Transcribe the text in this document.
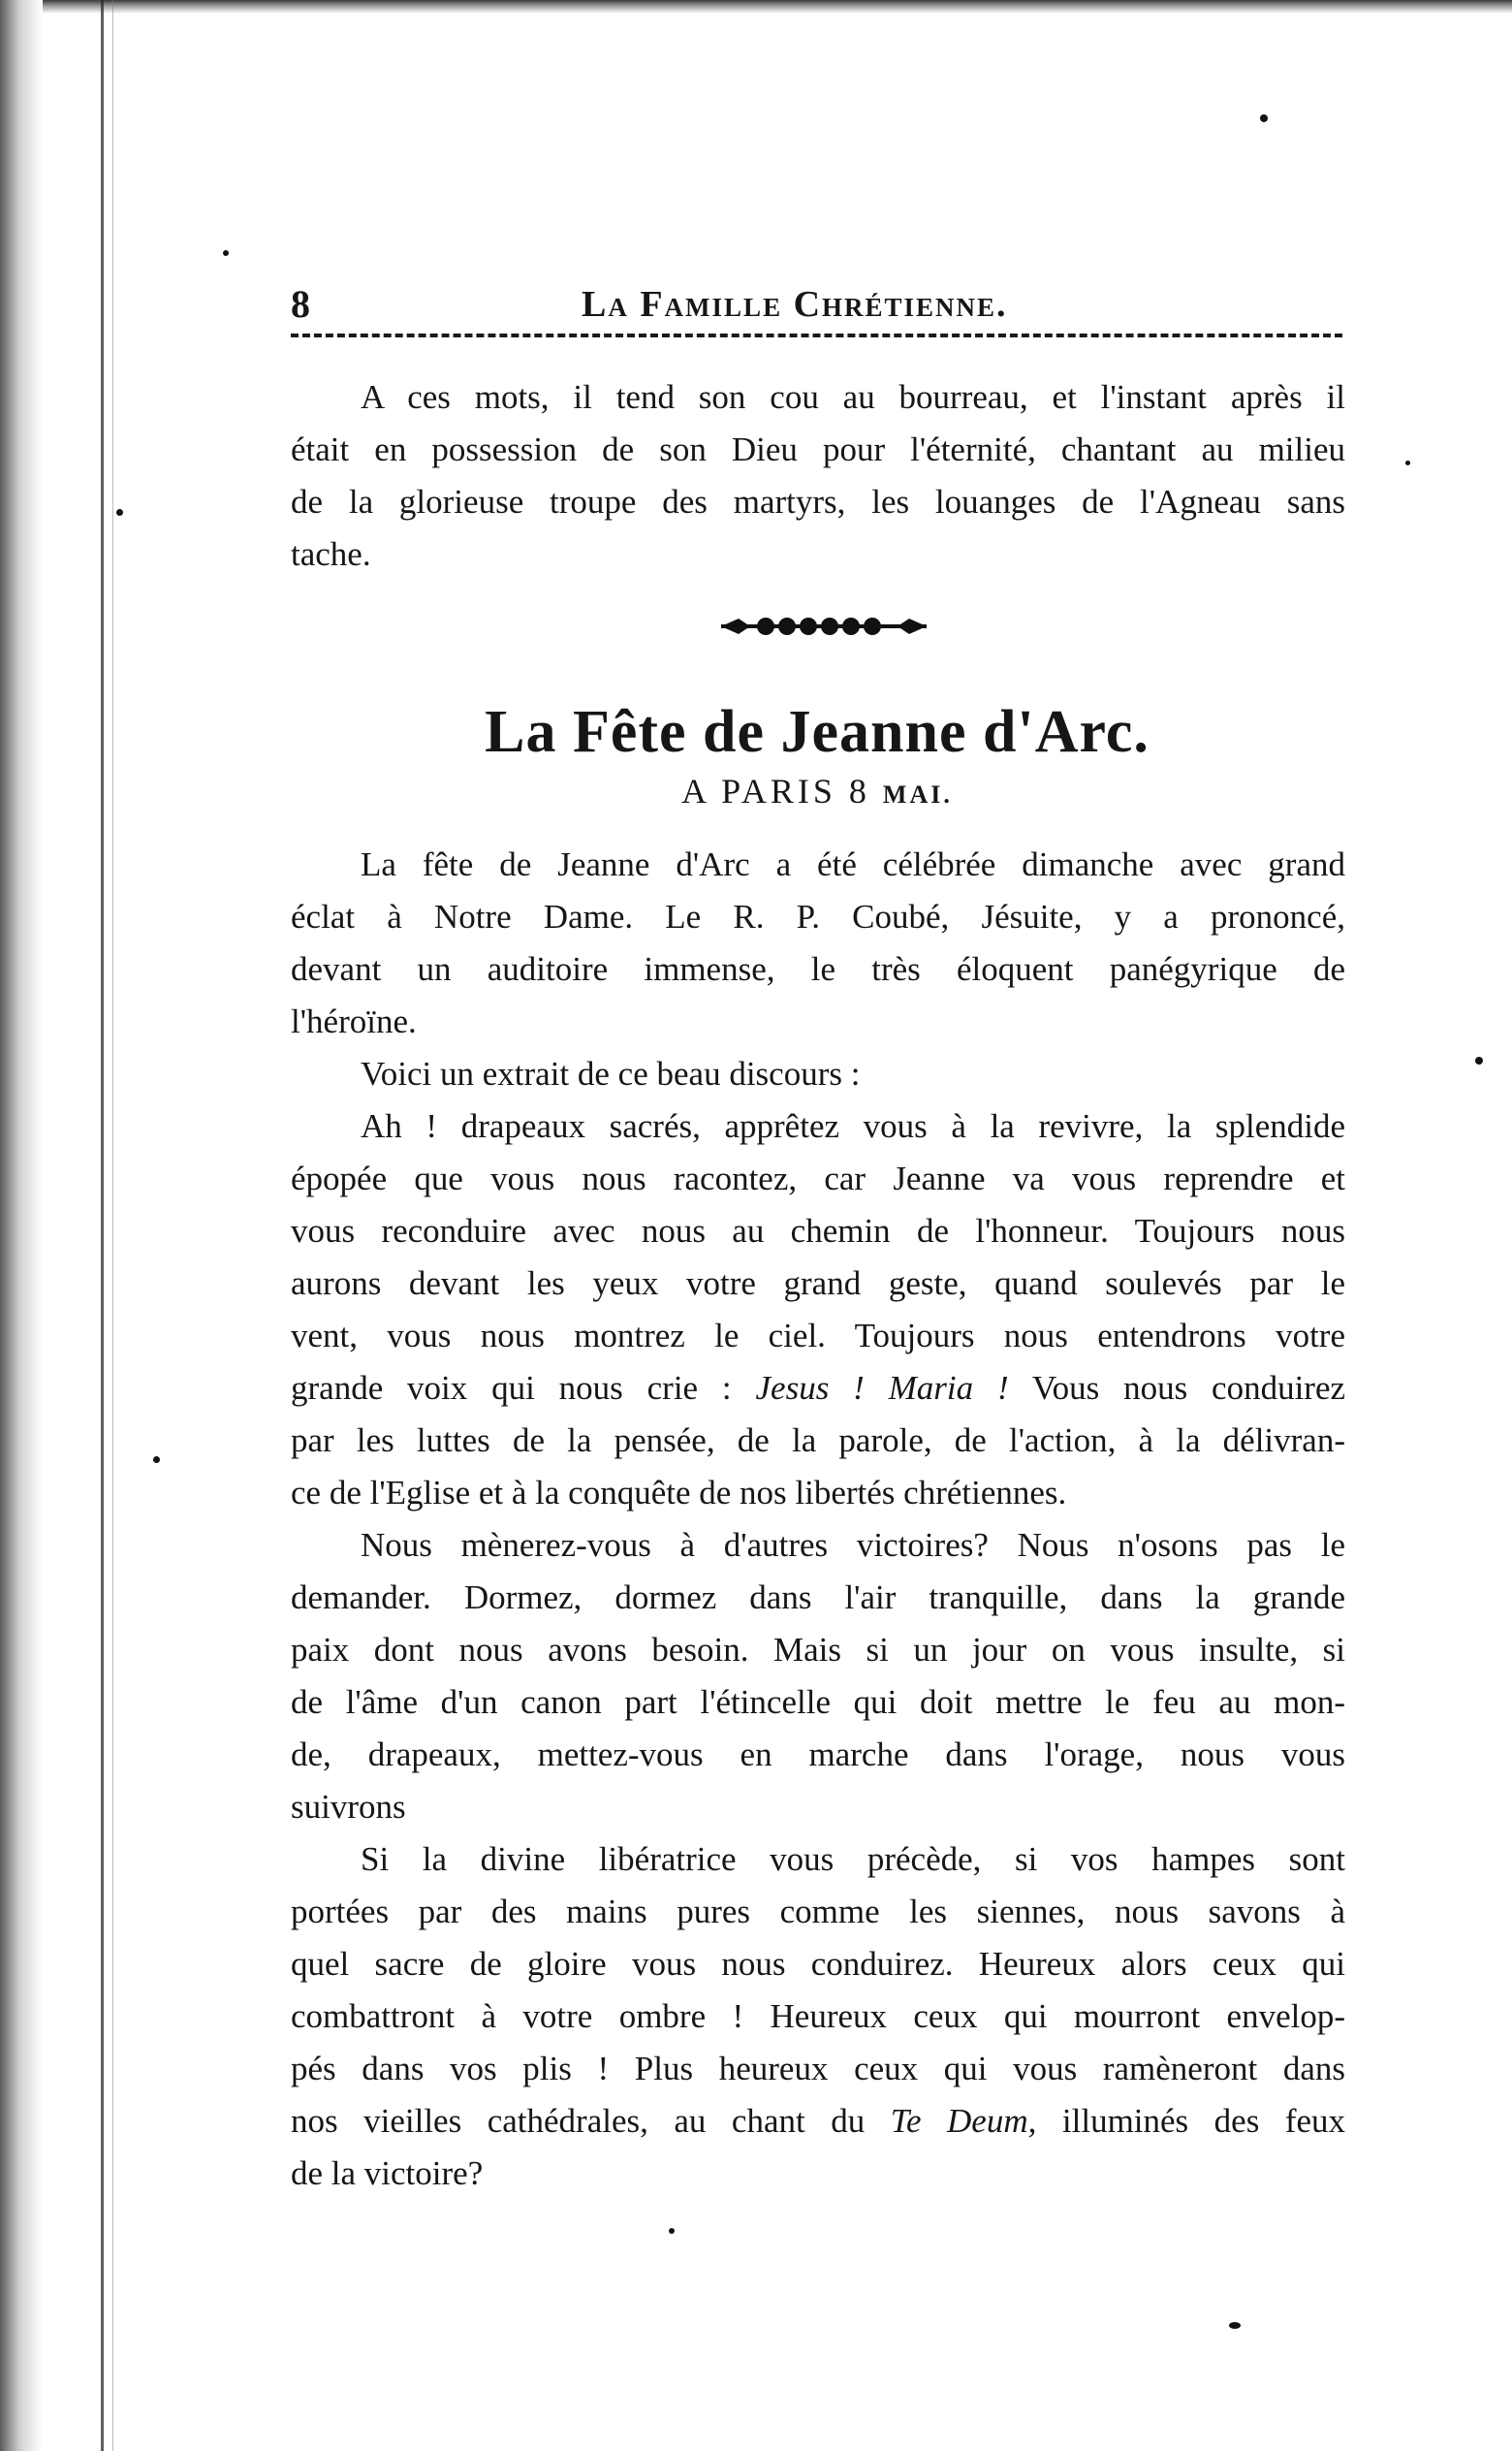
8	La Famille Chrétienne.

A ces mots, il tend son cou au bourreau, et l'instant après il
était en possession de son Dieu pour l'éternité, chantant au milieu
de la glorieuse troupe des martyrs, les louanges de l'Agneau sans
tache.

La Fête de Jeanne d'Arc.
A PARIS 8 MAI.

La fête de Jeanne d'Arc a été célébrée dimanche avec grand
éclat à Notre Dame. Le R. P. Coubé, Jésuite, y a prononcé,
devant un auditoire immense, le très éloquent panégyrique de
l'héroïne.

Voici un extrait de ce beau discours :

Ah ! drapeaux sacrés, apprêtez vous à la revivre, la splendide
épopée que vous nous racontez, car Jeanne va vous reprendre et
vous reconduire avec nous au chemin de l'honneur. Toujours nous
aurons devant les yeux votre grand geste, quand soulevés par le
vent, vous nous montrez le ciel. Toujours nous entendrons votre
grande voix qui nous crie : Jesus ! Maria ! Vous nous conduirez
par les luttes de la pensée, de la parole, de l'action, à la délivran-
ce de l'Eglise et à la conquête de nos libertés chrétiennes.

Nous mènerez-vous à d'autres victoires? Nous n'osons pas le
demander. Dormez, dormez dans l'air tranquille, dans la grande
paix dont nous avons besoin. Mais si un jour on vous insulte, si
de l'âme d'un canon part l'étincelle qui doit mettre le feu au mon-
de, drapeaux, mettez-vous en marche dans l'orage, nous vous
suivrons

Si la divine libératrice vous précède, si vos hampes sont
portées par des mains pures comme les siennes, nous savons à
quel sacre de gloire vous nous conduirez. Heureux alors ceux qui
combattront à votre ombre ! Heureux ceux qui mourront envelop-
pés dans vos plis ! Plus heureux ceux qui vous ramèneront dans
nos vieilles cathédrales, au chant du Te Deum, illuminés des feux
de la victoire?
